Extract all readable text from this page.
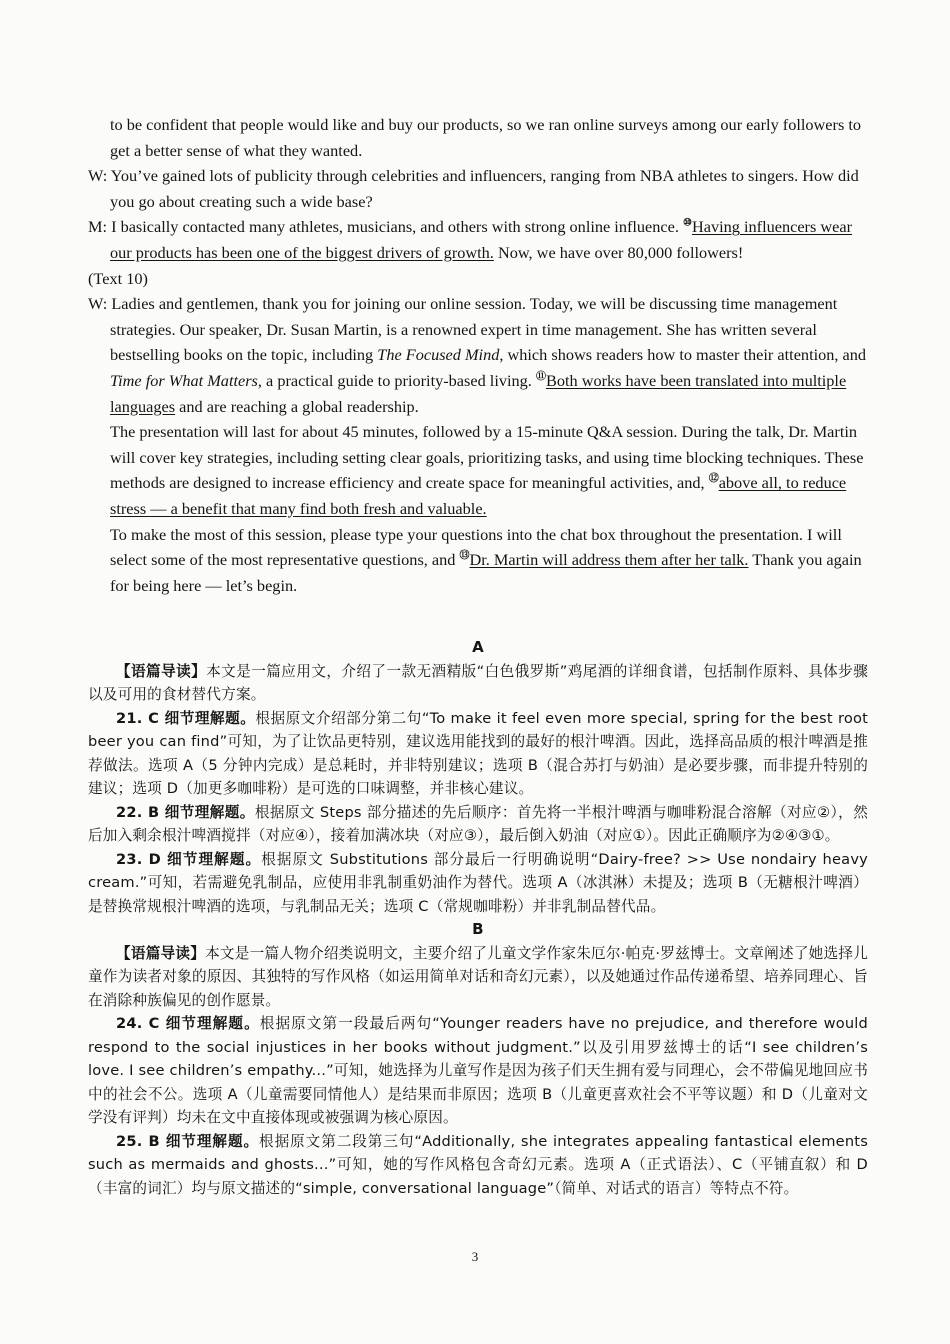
to be confident that people would like and buy our products, so we ran online surveys among our early followers to get a better sense of what they wanted.

W: You’ve gained lots of publicity through celebrities and influencers, ranging from NBA athletes to singers. How did you go about creating such a wide base?

M: I basically contacted many athletes, musicians, and others with strong online influence. ⑩Having influencers wear our products has been one of the biggest drivers of growth. Now, we have over 80,000 followers!

(Text 10)

W: Ladies and gentlemen, thank you for joining our online session. Today, we will be discussing time management strategies. Our speaker, Dr. Susan Martin, is a renowned expert in time management. She has written several bestselling books on the topic, including The Focused Mind, which shows readers how to master their attention, and Time for What Matters, a practical guide to priority-based living. ⑪Both works have been translated into multiple languages and are reaching a global readership.

The presentation will last for about 45 minutes, followed by a 15-minute Q&A session. During the talk, Dr. Martin will cover key strategies, including setting clear goals, prioritizing tasks, and using time blocking techniques. These methods are designed to increase efficiency and create space for meaningful activities, and, ⑫above all, to reduce stress — a benefit that many find both fresh and valuable.

To make the most of this session, please type your questions into the chat box throughout the presentation. I will select some of the most representative questions, and ⑬Dr. Martin will address them after her talk. Thank you again for being here — let’s begin.

A

【语篇导读】本文是一篇应用文，介绍了一款无酒精版“白色俄罗斯”鸡尾酒的详细食谱，包括制作原料、具体步骤以及可用的食材替代方案。

21. C 细节理解题。根据原文介绍部分第二句“To make it feel even more special, spring for the best root beer you can find”可知，为了让饮品更特别，建议选用能找到的最好的根汁啤酒。因此，选择高品质的根汁啤酒是推荐做法。选项 A（5 分钟内完成）是总耗时，并非特别建议；选项 B（混合苏打与奶油）是必要步骤，而非提升特别的建议；选项 D（加更多咖啡粉）是可选的口味调整，并非核心建议。

22. B 细节理解题。根据原文 Steps 部分描述的先后顺序：首先将一半根汁啤酒与咖啡粉混合溶解（对应②），然后加入剩余根汁啤酒搅拌（对应④），接着加满冰块（对应③），最后倒入奶油（对应①）。因此正确顺序为②④③①。

23. D 细节理解题。根据原文 Substitutions 部分最后一行明确说明“Dairy-free? >> Use nondairy heavy cream.”可知，若需避免乳制品，应使用非乳制重奶油作为替代。选项 A（冰淇淋）未提及；选项 B（无糖根汁啤酒）是替换常规根汁啤酒的选项，与乳制品无关；选项 C（常规咖啡粉）并非乳制品替代品。

B

【语篇导读】本文是一篇人物介绍类说明文，主要介绍了儿童文学作家朱厄尔·帕克·罗兹博士。文章阐述了她选择儿童作为读者对象的原因、其独特的写作风格（如运用简单对话和奇幻元素），以及她通过作品传递希望、培养同理心、旨在消除种族偏见的创作愿景。

24. C 细节理解题。根据原文第一段最后两句“Younger readers have no prejudice, and therefore would respond to the social injustices in her books without judgment.”以及引用罗兹博士的话“I see children’s love. I see children’s empathy...”可知，她选择为儿童写作是因为孩子们天生拥有爱与同理心，会不带偏见地回应书中的社会不公。选项 A（儿童需要同情他人）是结果而非原因；选项 B（儿童更喜欢社会不平等议题）和 D（儿童对文学没有评判）均未在文中直接体现或被强调为核心原因。

25. B 细节理解题。根据原文第二段第三句“Additionally, she integrates appealing fantastical elements such as mermaids and ghosts...”可知，她的写作风格包含奇幻元素。选项 A（正式语法）、C（平铺直叙）和 D（丰富的词汇）均与原文描述的“simple, conversational language”（简单、对话式的语言）等特点不符。

3
